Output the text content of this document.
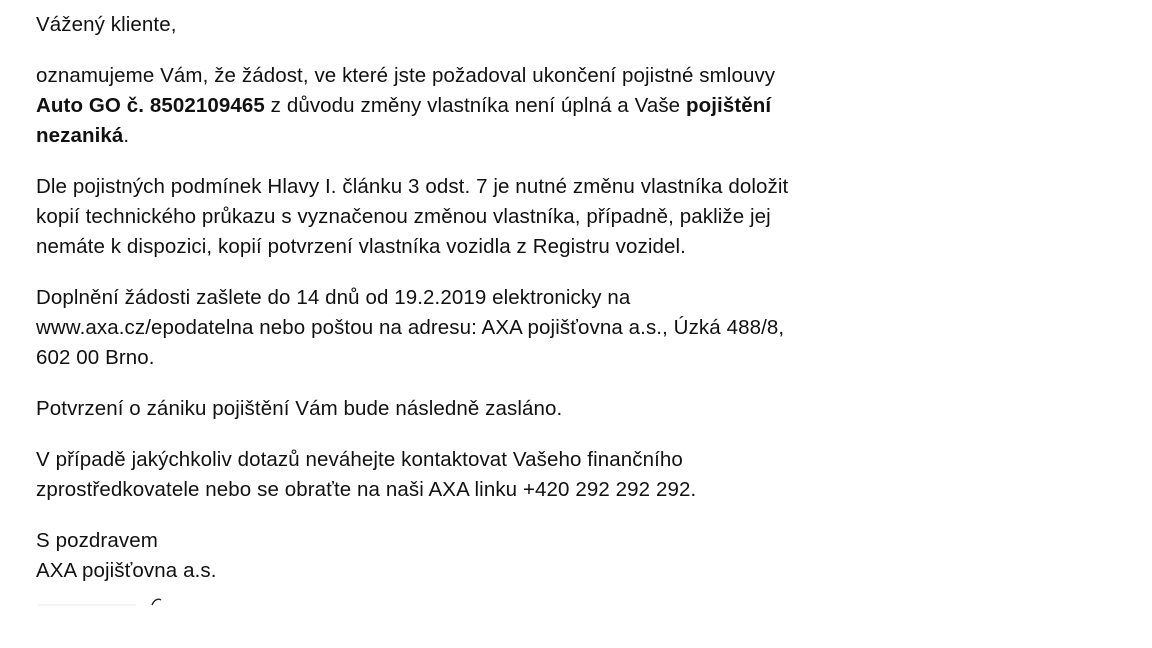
Vážený kliente,

oznamujeme Vám, že žádost, ve které jste požadoval ukončení pojistné smlouvy
Auto GO č. 8502109465 z důvodu změny vlastníka není úplná a Vaše pojištění
nezaniká.

Dle pojistných podmínek Hlavy I. článku 3 odst. 7 je nutné změnu vlastníka doložit
kopií technického průkazu s vyznačenou změnou vlastníka, případně, pakliže jej
nemáte k dispozici, kopií potvrzení vlastníka vozidla z Registru vozidel.

Doplnění žádosti zašlete do 14 dnů od 19.2.2019 elektronicky na
www.axa.cz/epodatelna nebo poštou na adresu: AXA pojišťovna a.s., Úzká 488/8,
602 00 Brno.

Potvrzení o zániku pojištění Vám bude následně zasláno.

V případě jakýchkoliv dotazů neváhejte kontaktovat Vašeho finančního
zprostředkovatele nebo se obraťte na naši AXA linku +420 292 292 292.

S pozdravem
AXA pojišťovna a.s.
